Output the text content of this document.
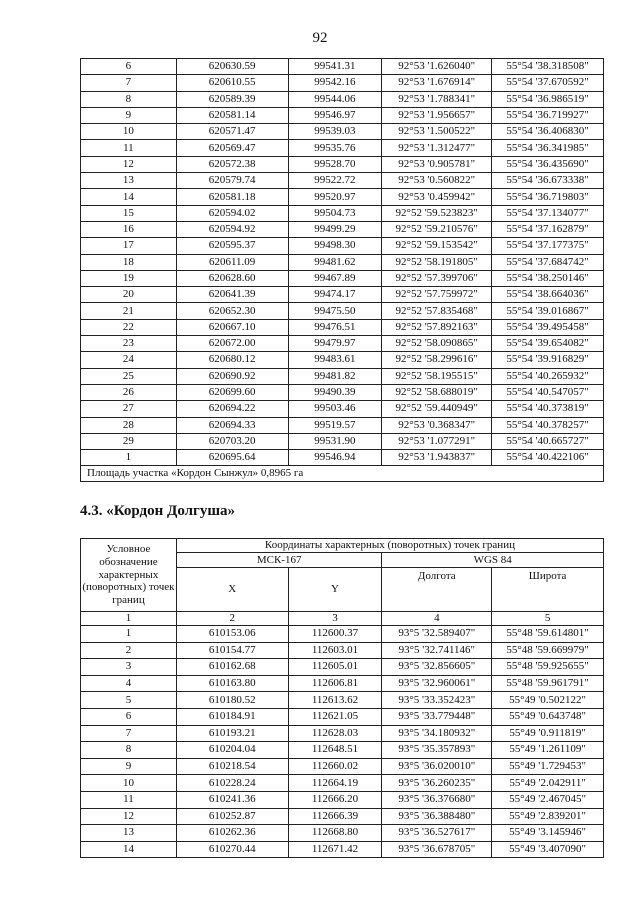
92
6	620630.59	99541.31	92°53 '1.626040"	55°54 '38.318508"
7	620610.55	99542.16	92°53 '1.676914"	55°54 '37.670592"
8	620589.39	99544.06	92°53 '1.788341"	55°54 '36.986519"
9	620581.14	99546.97	92°53 '1.956657"	55°54 '36.719927"
10	620571.47	99539.03	92°53 '1.500522"	55°54 '36.406830"
11	620569.47	99535.76	92°53 '1.312477"	55°54 '36.341985"
12	620572.38	99528.70	92°53 '0.905781"	55°54 '36.435690"
13	620579.74	99522.72	92°53 '0.560822"	55°54 '36.673338"
14	620581.18	99520.97	92°53 '0.459942"	55°54 '36.719803"
15	620594.02	99504.73	92°52 '59.523823"	55°54 '37.134077"
16	620594.92	99499.29	92°52 '59.210576"	55°54 '37.162879"
17	620595.37	99498.30	92°52 '59.153542"	55°54 '37.177375"
18	620611.09	99481.62	92°52 '58.191805"	55°54 '37.684742"
19	620628.60	99467.89	92°52 '57.399706"	55°54 '38.250146"
20	620641.39	99474.17	92°52 '57.759972"	55°54 '38.664036"
21	620652.30	99475.50	92°52 '57.835468"	55°54 '39.016867"
22	620667.10	99476.51	92°52 '57.892163"	55°54 '39.495458"
23	620672.00	99479.97	92°52 '58.090865"	55°54 '39.654082"
24	620680.12	99483.61	92°52 '58.299616"	55°54 '39.916829"
25	620690.92	99481.82	92°52 '58.195515"	55°54 '40.265932"
26	620699.60	99490.39	92°52 '58.688019"	55°54 '40.547057"
27	620694.22	99503.46	92°52 '59.440949"	55°54 '40.373819"
28	620694.33	99519.57	92°53 '0.368347"	55°54 '40.378257"
29	620703.20	99531.90	92°53 '1.077291"	55°54 '40.665727"
1	620695.64	99546.94	92°53 '1.943837"	55°54 '40.422106"
Площадь участка «Кордон Сынжул» 0,8965 га				
4.3. «Кордон Долгуша»
Условное обозначение характерных (поворотных) точек границ	Координаты характерных (поворотных) точек границ			
	МСК-167		WGS 84	
	X	Y	Долгота	Широта
1	2	3	4	5
1	610153.06	112600.37	93°5 '32.589407"	55°48 '59.614801"
2	610154.77	112603.01	93°5 '32.741146"	55°48 '59.669979"
3	610162.68	112605.01	93°5 '32.856605"	55°48 '59.925655"
4	610163.80	112606.81	93°5 '32.960061"	55°48 '59.961791"
5	610180.52	112613.62	93°5 '33.352423"	55°49 '0.502122"
6	610184.91	112621.05	93°5 '33.779448"	55°49 '0.643748"
7	610193.21	112628.03	93°5 '34.180932"	55°49 '0.911819"
8	610204.04	112648.51	93°5 '35.357893"	55°49 '1.261109"
9	610218.54	112660.02	93°5 '36.020010"	55°49 '1.729453"
10	610228.24	112664.19	93°5 '36.260235"	55°49 '2.042911"
11	610241.36	112666.20	93°5 '36.376680"	55°49 '2.467045"
12	610252.87	112666.39	93°5 '36.388480"	55°49 '2.839201"
13	610262.36	112668.80	93°5 '36.527617"	55°49 '3.145946"
14	610270.44	112671.42	93°5 '36.678705"	55°49 '3.407090"
